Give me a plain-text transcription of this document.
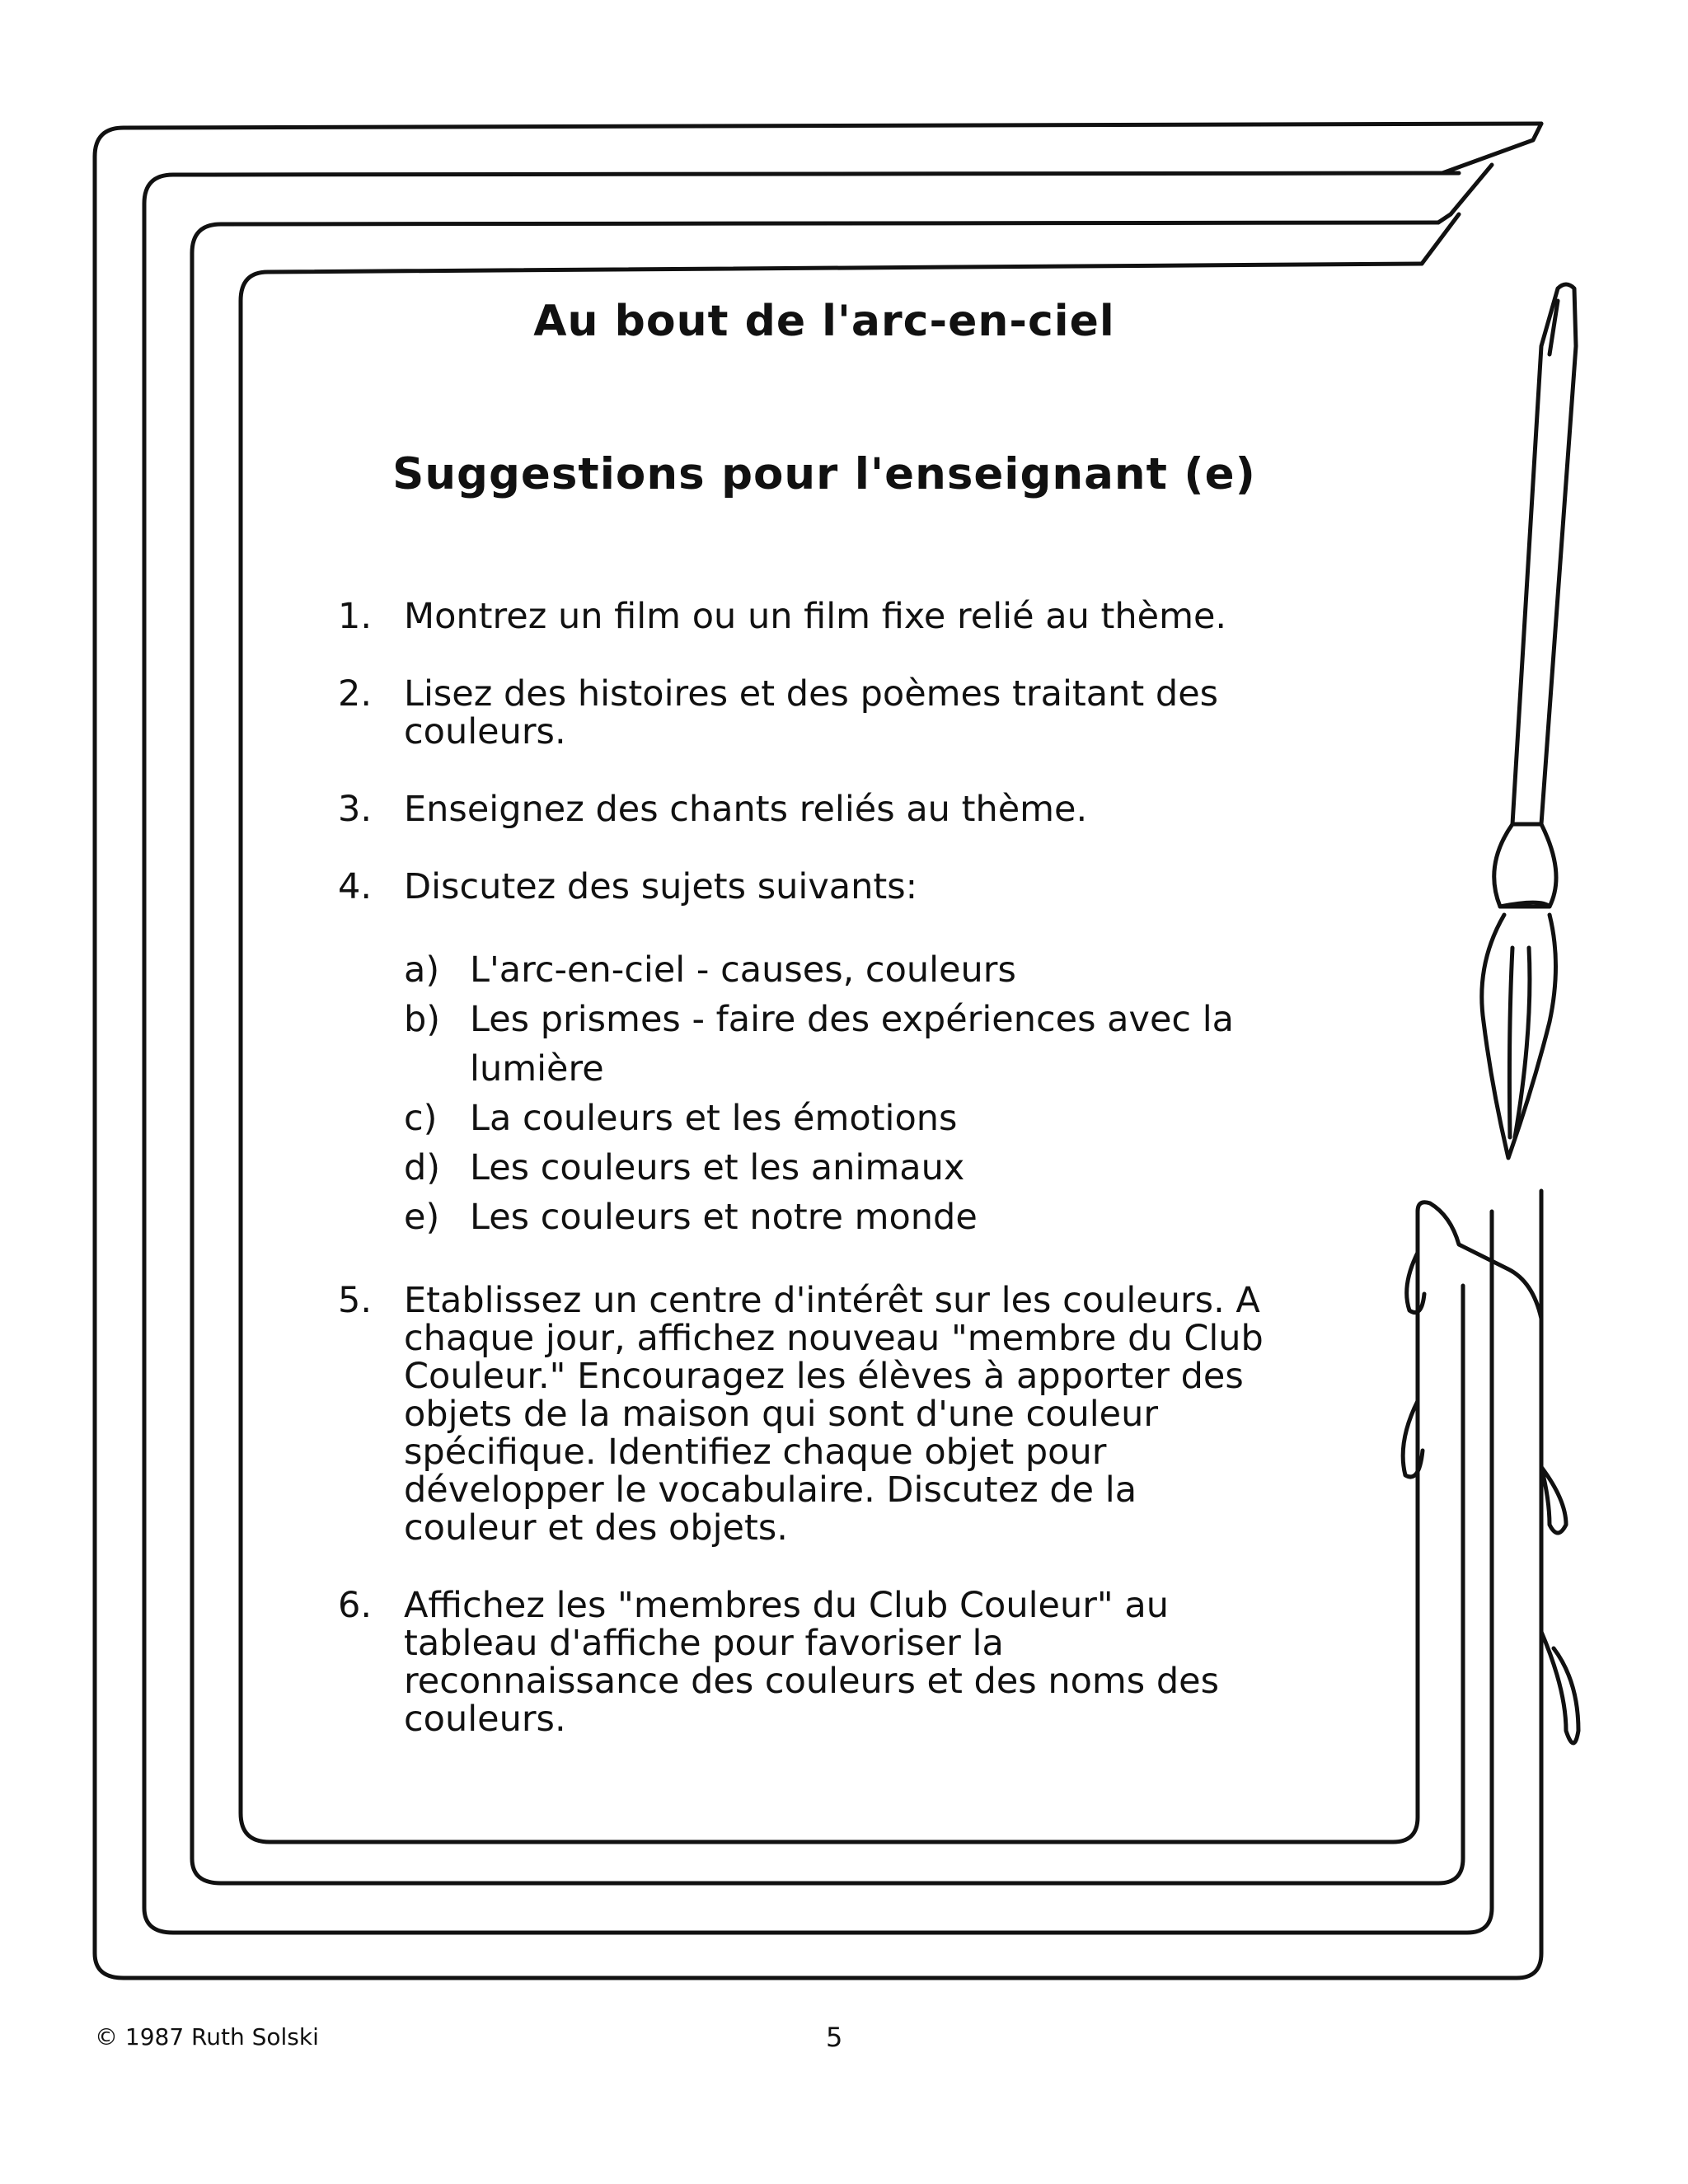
Au bout de l'arc-en-ciel
Suggestions pour l'enseignant (e)
1. Montrez un film ou un film fixe relié au thème.
2. Lisez des histoires et des poèmes traitant des couleurs.
3. Enseignez des chants reliés au thème.
4. Discutez des sujets suivants:
a) L'arc-en-ciel - causes, couleurs
b) Les prismes - faire des expériences avec la lumière
c) La couleurs et les émotions
d) Les couleurs et les animaux
e) Les couleurs et notre monde
5. Etablissez un centre d'intérêt sur les couleurs. A chaque jour, affichez nouveau "membre du Club Couleur." Encouragez les élèves à apporter des objets de la maison qui sont d'une couleur spécifique. Identifiez chaque objet pour développer le vocabulaire. Discutez de la couleur et des objets.
6. Affichez les "membres du Club Couleur" au tableau d'affiche pour favoriser la reconnaissance des couleurs et des noms des couleurs.
© 1987 Ruth Solski	5
